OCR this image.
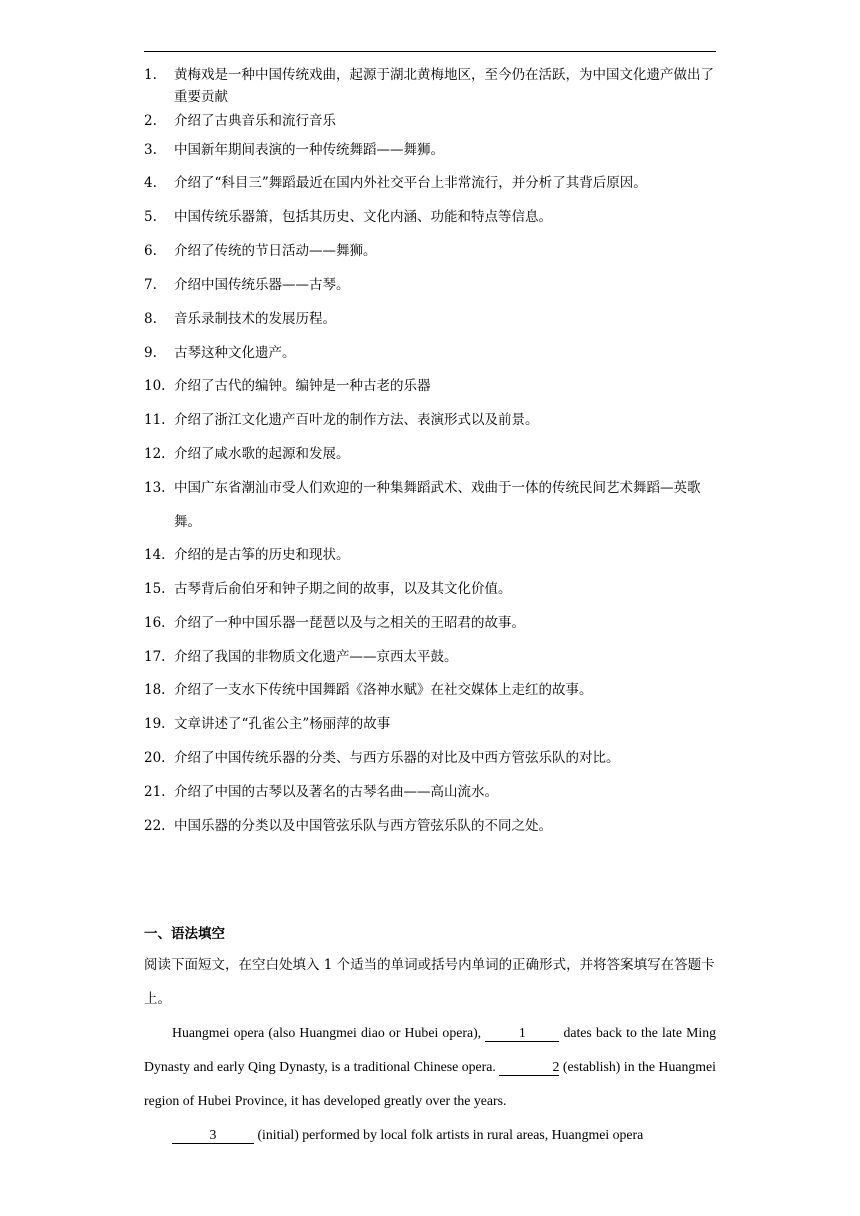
1.	黄梅戏是一种中国传统戏曲，起源于湖北黄梅地区，至今仍在活跃，为中国文化遗产做出了重要贡献
2.	介绍了古典音乐和流行音乐
3.	中国新年期间表演的一种传统舞蹈——舞狮。
4.	介绍了“科目三”舞蹈最近在国内外社交平台上非常流行，并分析了其背后原因。
5.	中国传统乐器箫，包括其历史、文化内涵、功能和特点等信息。
6.	介绍了传统的节日活动——舞狮。
7.	介绍中国传统乐器——古琴。
8.	音乐录制技术的发展历程。
9.	古琴这种文化遗产。
10. 介绍了古代的编钟。编钟是一种古老的乐器
11. 介绍了浙江文化遗产百叶龙的制作方法、表演形式以及前景。
12. 介绍了咸水歌的起源和发展。
13. 中国广东省潮汕市受人们欢迎的一种集舞蹈武术、戏曲于一体的传统民间艺术舞蹈—英歌舞。
14. 介绍的是古筝的历史和现状。
15. 古琴背后俞伯牙和钟子期之间的故事，以及其文化价值。
16. 介绍了一种中国乐器一琵琶以及与之相关的王昭君的故事。
17. 介绍了我国的非物质文化遗产——京西太平鼓。
18. 介绍了一支水下传统中国舞蹈《洛神水赋》在社交媒体上走红的故事。
19. 文章讲述了“孔雀公主”杨丽萍的故事
20. 介绍了中国传统乐器的分类、与西方乐器的对比及中西方管弦乐队的对比。
21. 介绍了中国的古琴以及著名的古琴名曲——高山流水。
22. 中国乐器的分类以及中国管弦乐队与西方管弦乐队的不同之处。

一、语法填空

阅读下面短文，在空白处填入 1 个适当的单词或括号内单词的正确形式，并将答案填写在答题卡上。

Huangmei opera (also Huangmei diao or Hubei opera),	1	dates back to the late Ming Dynasty and early Qing Dynasty, is a traditional Chinese opera.	2 (establish) in the Huangmei region of Hubei Province, it has developed greatly over the years.

3	(initial) performed by local folk artists in rural areas, Huangmei opera
